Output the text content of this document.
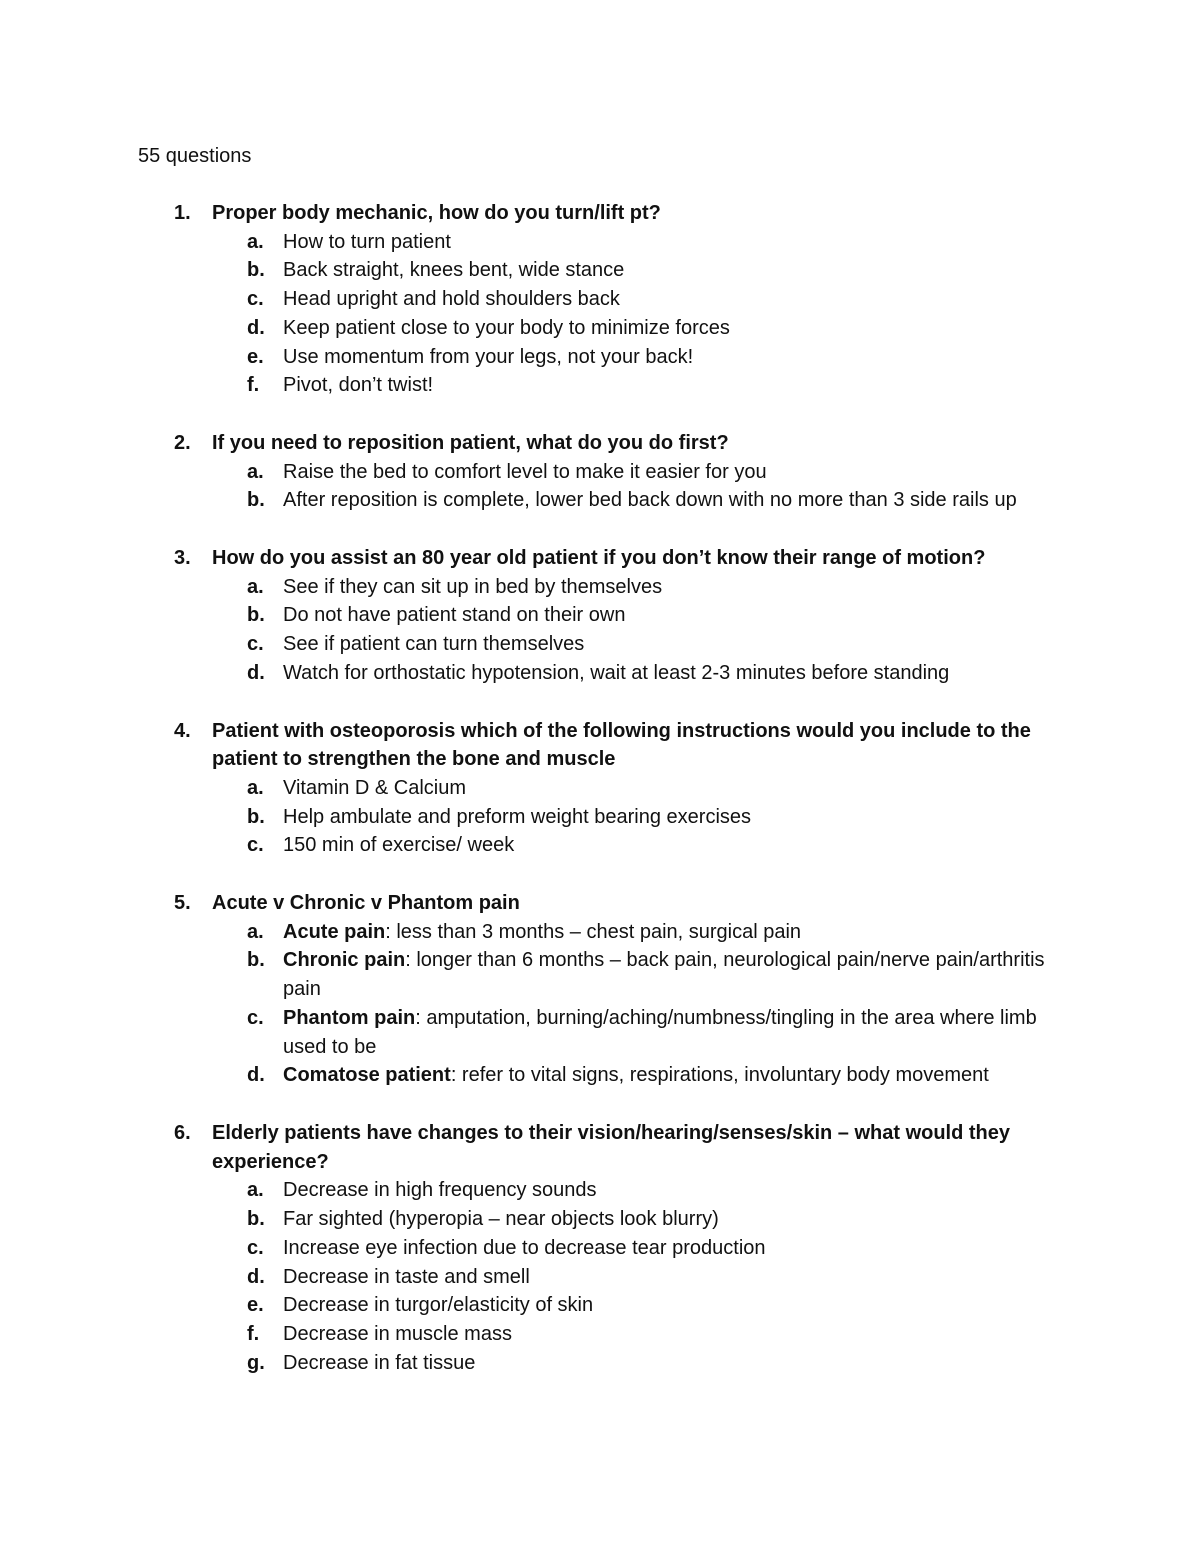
55 questions
1. Proper body mechanic, how do you turn/lift pt?
a. How to turn patient
b. Back straight, knees bent, wide stance
c. Head upright and hold shoulders back
d. Keep patient close to your body to minimize forces
e. Use momentum from your legs, not your back!
f. Pivot, don’t twist!
2. If you need to reposition patient, what do you do first?
a. Raise the bed to comfort level to make it easier for you
b. After reposition is complete, lower bed back down with no more than 3 side rails up
3. How do you assist an 80 year old patient if you don’t know their range of motion?
a. See if they can sit up in bed by themselves
b. Do not have patient stand on their own
c. See if patient can turn themselves
d. Watch for orthostatic hypotension, wait at least 2-3 minutes before standing
4. Patient with osteoporosis which of the following instructions would you include to the patient to strengthen the bone and muscle
a. Vitamin D & Calcium
b. Help ambulate and preform weight bearing exercises
c. 150 min of exercise/ week
5. Acute v Chronic v Phantom pain
a. Acute pain: less than 3 months – chest pain, surgical pain
b. Chronic pain: longer than 6 months – back pain, neurological pain/nerve pain/arthritis pain
c. Phantom pain: amputation, burning/aching/numbness/tingling in the area where limb used to be
d. Comatose patient: refer to vital signs, respirations, involuntary body movement
6. Elderly patients have changes to their vision/hearing/senses/skin – what would they experience?
a. Decrease in high frequency sounds
b. Far sighted (hyperopia – near objects look blurry)
c. Increase eye infection due to decrease tear production
d. Decrease in taste and smell
e. Decrease in turgor/elasticity of skin
f. Decrease in muscle mass
g. Decrease in fat tissue
